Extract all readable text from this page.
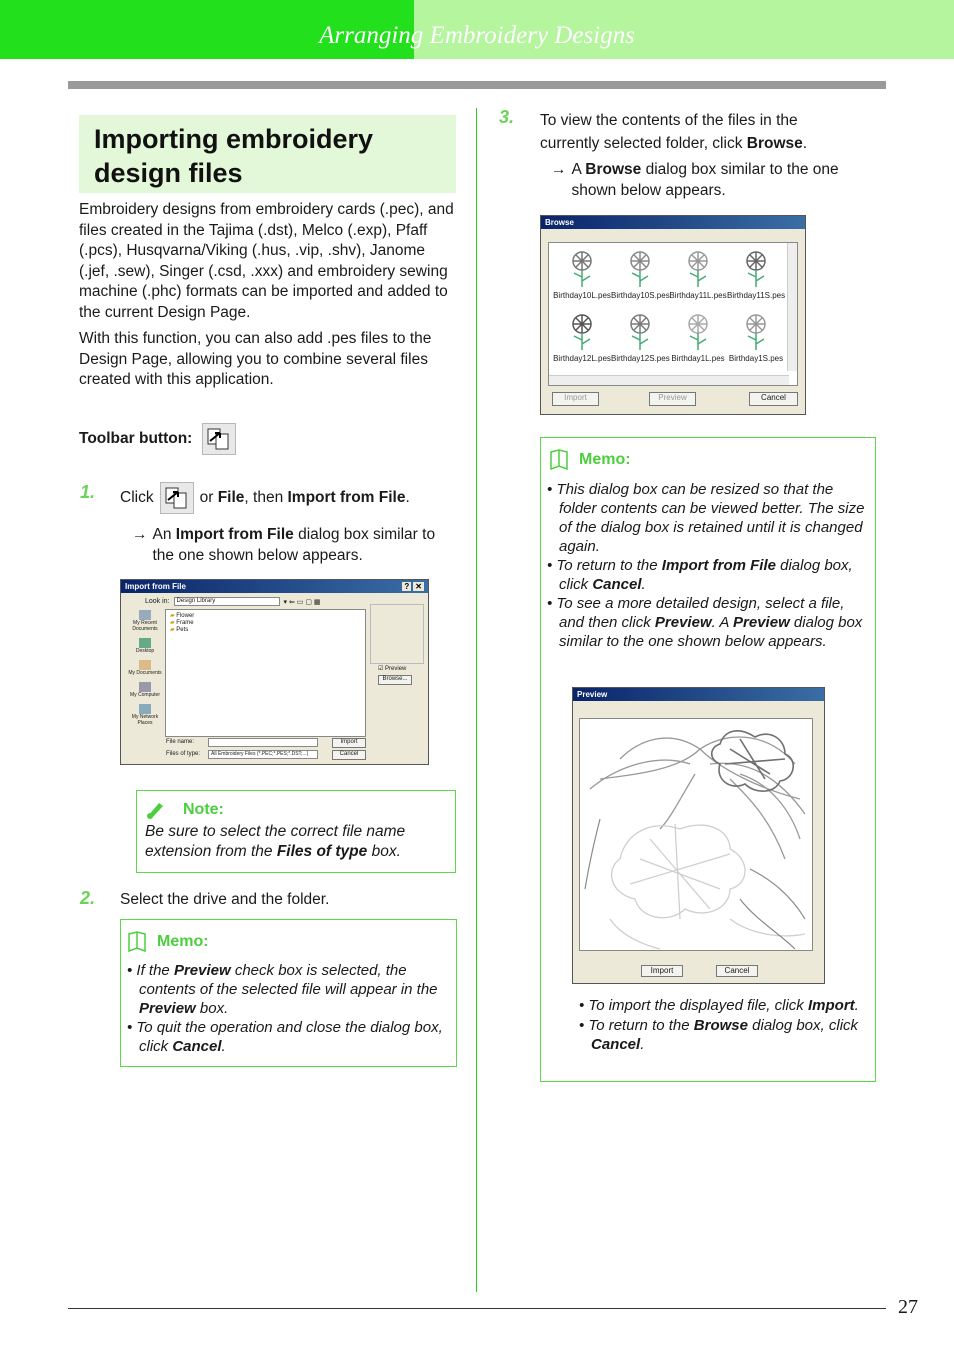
Arranging Embroidery Designs
Importing embroidery design files
Embroidery designs from embroidery cards (.pec), and files created in the Tajima (.dst), Melco (.exp), Pfaff (.pcs), Husqvarna/Viking (.hus, .vip, .shv), Janome (.jef, .sew), Singer (.csd, .xxx) and embroidery sewing machine (.phc) formats can be imported and added to the current Design Page.
With this function, you can also add .pes files to the Design Page, allowing you to combine several files created with this application.
Toolbar button:
1. Click	or File, then Import from File.
→ An Import from File dialog box similar to the one shown below appears.
Import from File	? ✕
Look in:	Design Library	▾ ⇐ ▭ ▢ ▦
My Recent Documents
Desktop
My Documents
My Computer
My Network Places
▰ Flower
▰ Frame
▰ Pets
☑ Preview
Browse...
File name:	Import
Files of type:	All Embroidery Files (*.PEC;*.PES;*.DST;...)	Cancel
Note:
Be sure to select the correct file name extension from the Files of type box.
2. Select the drive and the folder.
Memo:
• If the Preview check box is selected, the contents of the selected file will appear in the Preview box.
• To quit the operation and close the dialog box, click Cancel.
3. To view the contents of the files in the currently selected folder, click Browse.
→ A Browse dialog box similar to the one shown below appears.
Browse
Birthday10L.pes Birthday10S.pes Birthday11L.pes Birthday11S.pes
Birthday12L.pes Birthday12S.pes Birthday1L.pes Birthday1S.pes
Import	Preview	Cancel
Memo:
• This dialog box can be resized so that the folder contents can be viewed better. The size of the dialog box is retained until it is changed again.
• To return to the Import from File dialog box, click Cancel.
• To see a more detailed design, select a file, and then click Preview. A Preview dialog box similar to the one shown below appears.
Preview
Import	Cancel
• To import the displayed file, click Import.
• To return to the Browse dialog box, click Cancel.
27
